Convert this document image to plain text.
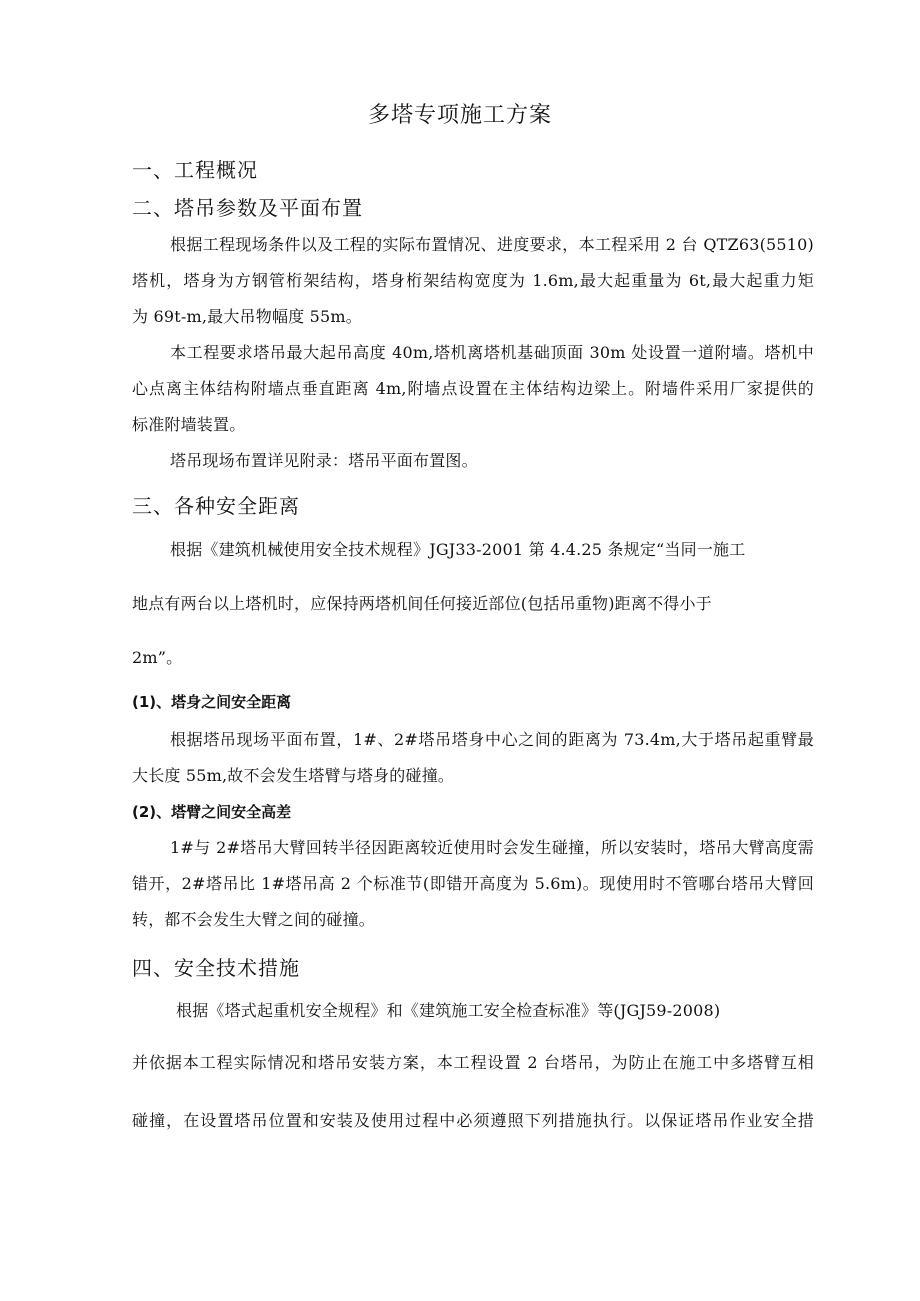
多塔专项施工方案
一、工程概况
二、塔吊参数及平面布置
根据工程现场条件以及工程的实际布置情况、进度要求，本工程采用 2 台 QTZ63(5510)
塔机，塔身为方钢管桁架结构，塔身桁架结构宽度为 1.6m,最大起重量为 6t,最大起重力矩
为 69t-m,最大吊物幅度 55m。
本工程要求塔吊最大起吊高度 40m,塔机离塔机基础顶面 30m 处设置一道附墙。塔机中
心点离主体结构附墙点垂直距离 4m,附墙点设置在主体结构边梁上。附墙件采用厂家提供的
标准附墙装置。
塔吊现场布置详见附录：塔吊平面布置图。
三、各种安全距离
根据《建筑机械使用安全技术规程》JGJ33-2001 第 4.4.25 条规定“当同一施工
地点有两台以上塔机时，应保持两塔机间任何接近部位(包括吊重物)距离不得小于
2m”。
(1)、塔身之间安全距离
根据塔吊现场平面布置，1#、2#塔吊塔身中心之间的距离为 73.4m,大于塔吊起重臂最
大长度 55m,故不会发生塔臂与塔身的碰撞。
(2)、塔臂之间安全高差
1#与 2#塔吊大臂回转半径因距离较近使用时会发生碰撞，所以安装时，塔吊大臂高度需
错开，2#塔吊比 1#塔吊高 2 个标准节(即错开高度为 5.6m)。现使用时不管哪台塔吊大臂回
转，都不会发生大臂之间的碰撞。
四、安全技术措施
根据《塔式起重机安全规程》和《建筑施工安全检查标准》等(JGJ59-2008)
并依据本工程实际情况和塔吊安装方案，本工程设置 2 台塔吊，为防止在施工中多塔臂互相
碰撞，在设置塔吊位置和安装及使用过程中必须遵照下列措施执行。以保证塔吊作业安全措
